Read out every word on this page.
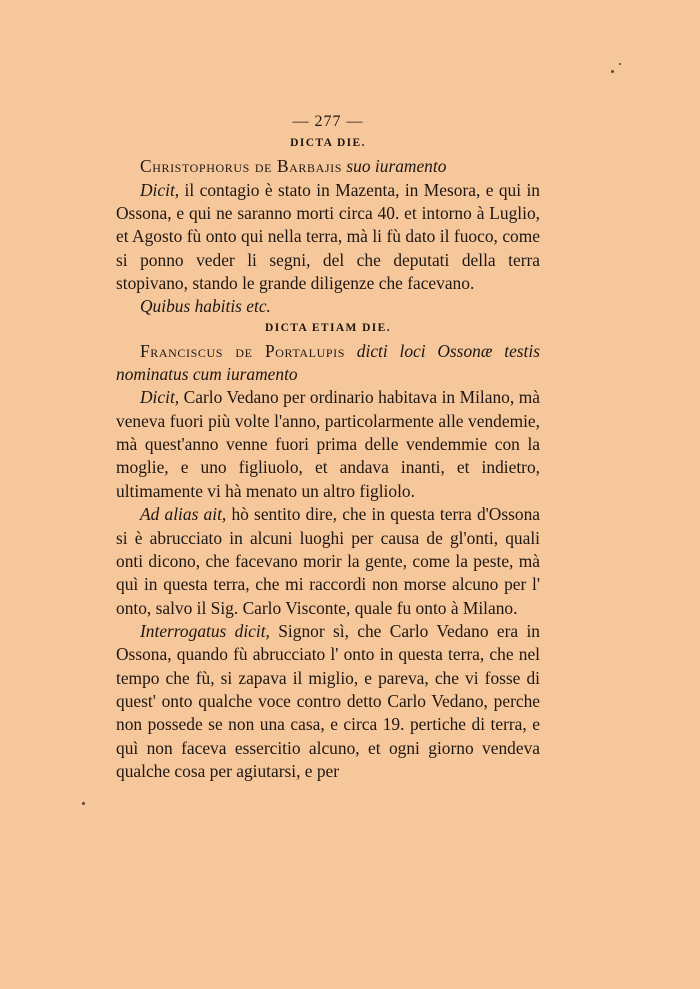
— 277 —
DICTA DIE.

Christophorus de Barbajis suo iuramento

Dicit, il contagio è stato in Mazenta, in Mesora, e qui in Ossona, e qui ne saranno morti circa 40. et intorno à Luglio, et Agosto fù onto qui nella terra, mà li fù dato il fuoco, come si ponno veder li segni, del che deputati della terra stopivano, stando le grande diligenze che facevano.

Quibus habitis etc.

DICTA ETIAM DIE.

Franciscus de Portalupis dicti loci Ossonæ testis nominatus cum iuramento

Dicit, Carlo Vedano per ordinario habitava in Milano, mà veneva fuori più volte l'anno, particolarmente alle vendemie, mà quest'anno venne fuori prima delle vendemmie con la moglie, e uno figliuolo, et andava inanti, et indietro, ultimamente vi hà menato un altro figliolo.

Ad alias ait, hò sentito dire, che in questa terra d'Ossona si è abrucciato in alcuni luoghi per causa de gl'onti, quali onti dicono, che facevano morir la gente, come la peste, mà quì in questa terra, che mi raccordi non morse alcuno per l' onto, salvo il Sig. Carlo Visconte, quale fu onto à Milano.

Interrogatus dicit, Signor sì, che Carlo Vedano era in Ossona, quando fù abrucciato l' onto in questa terra, che nel tempo che fù, si zapava il miglio, e pareva, che vi fosse di quest' onto qualche voce contro detto Carlo Vedano, perche non possede se non una casa, e circa 19. pertiche di terra, e quì non faceva essercitio alcuno, et ogni giorno vendeva qualche cosa per agiutarsi, e per
